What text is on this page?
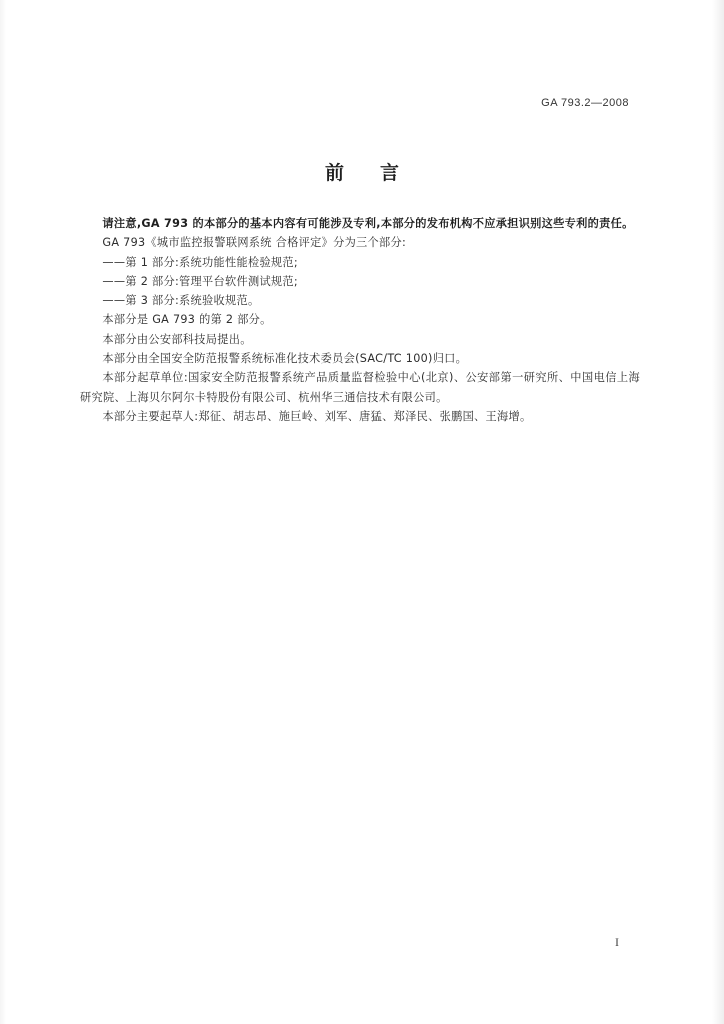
GA 793.2—2008
前言

请注意,GA 793 的本部分的基本内容有可能涉及专利,本部分的发布机构不应承担识别这些专利的责任。

GA 793《城市监控报警联网系统 合格评定》分为三个部分:

——第 1 部分:系统功能性能检验规范;

——第 2 部分:管理平台软件测试规范;

——第 3 部分:系统验收规范。

本部分是 GA 793 的第 2 部分。

本部分由公安部科技局提出。

本部分由全国安全防范报警系统标准化技术委员会(SAC/TC 100)归口。

本部分起草单位:国家安全防范报警系统产品质量监督检验中心(北京)、公安部第一研究所、中国电信上海研究院、上海贝尔阿尔卡特股份有限公司、杭州华三通信技术有限公司。

本部分主要起草人:郑征、胡志昂、施巨岭、刘军、唐猛、郑泽民、张鹏国、王海增。

I
